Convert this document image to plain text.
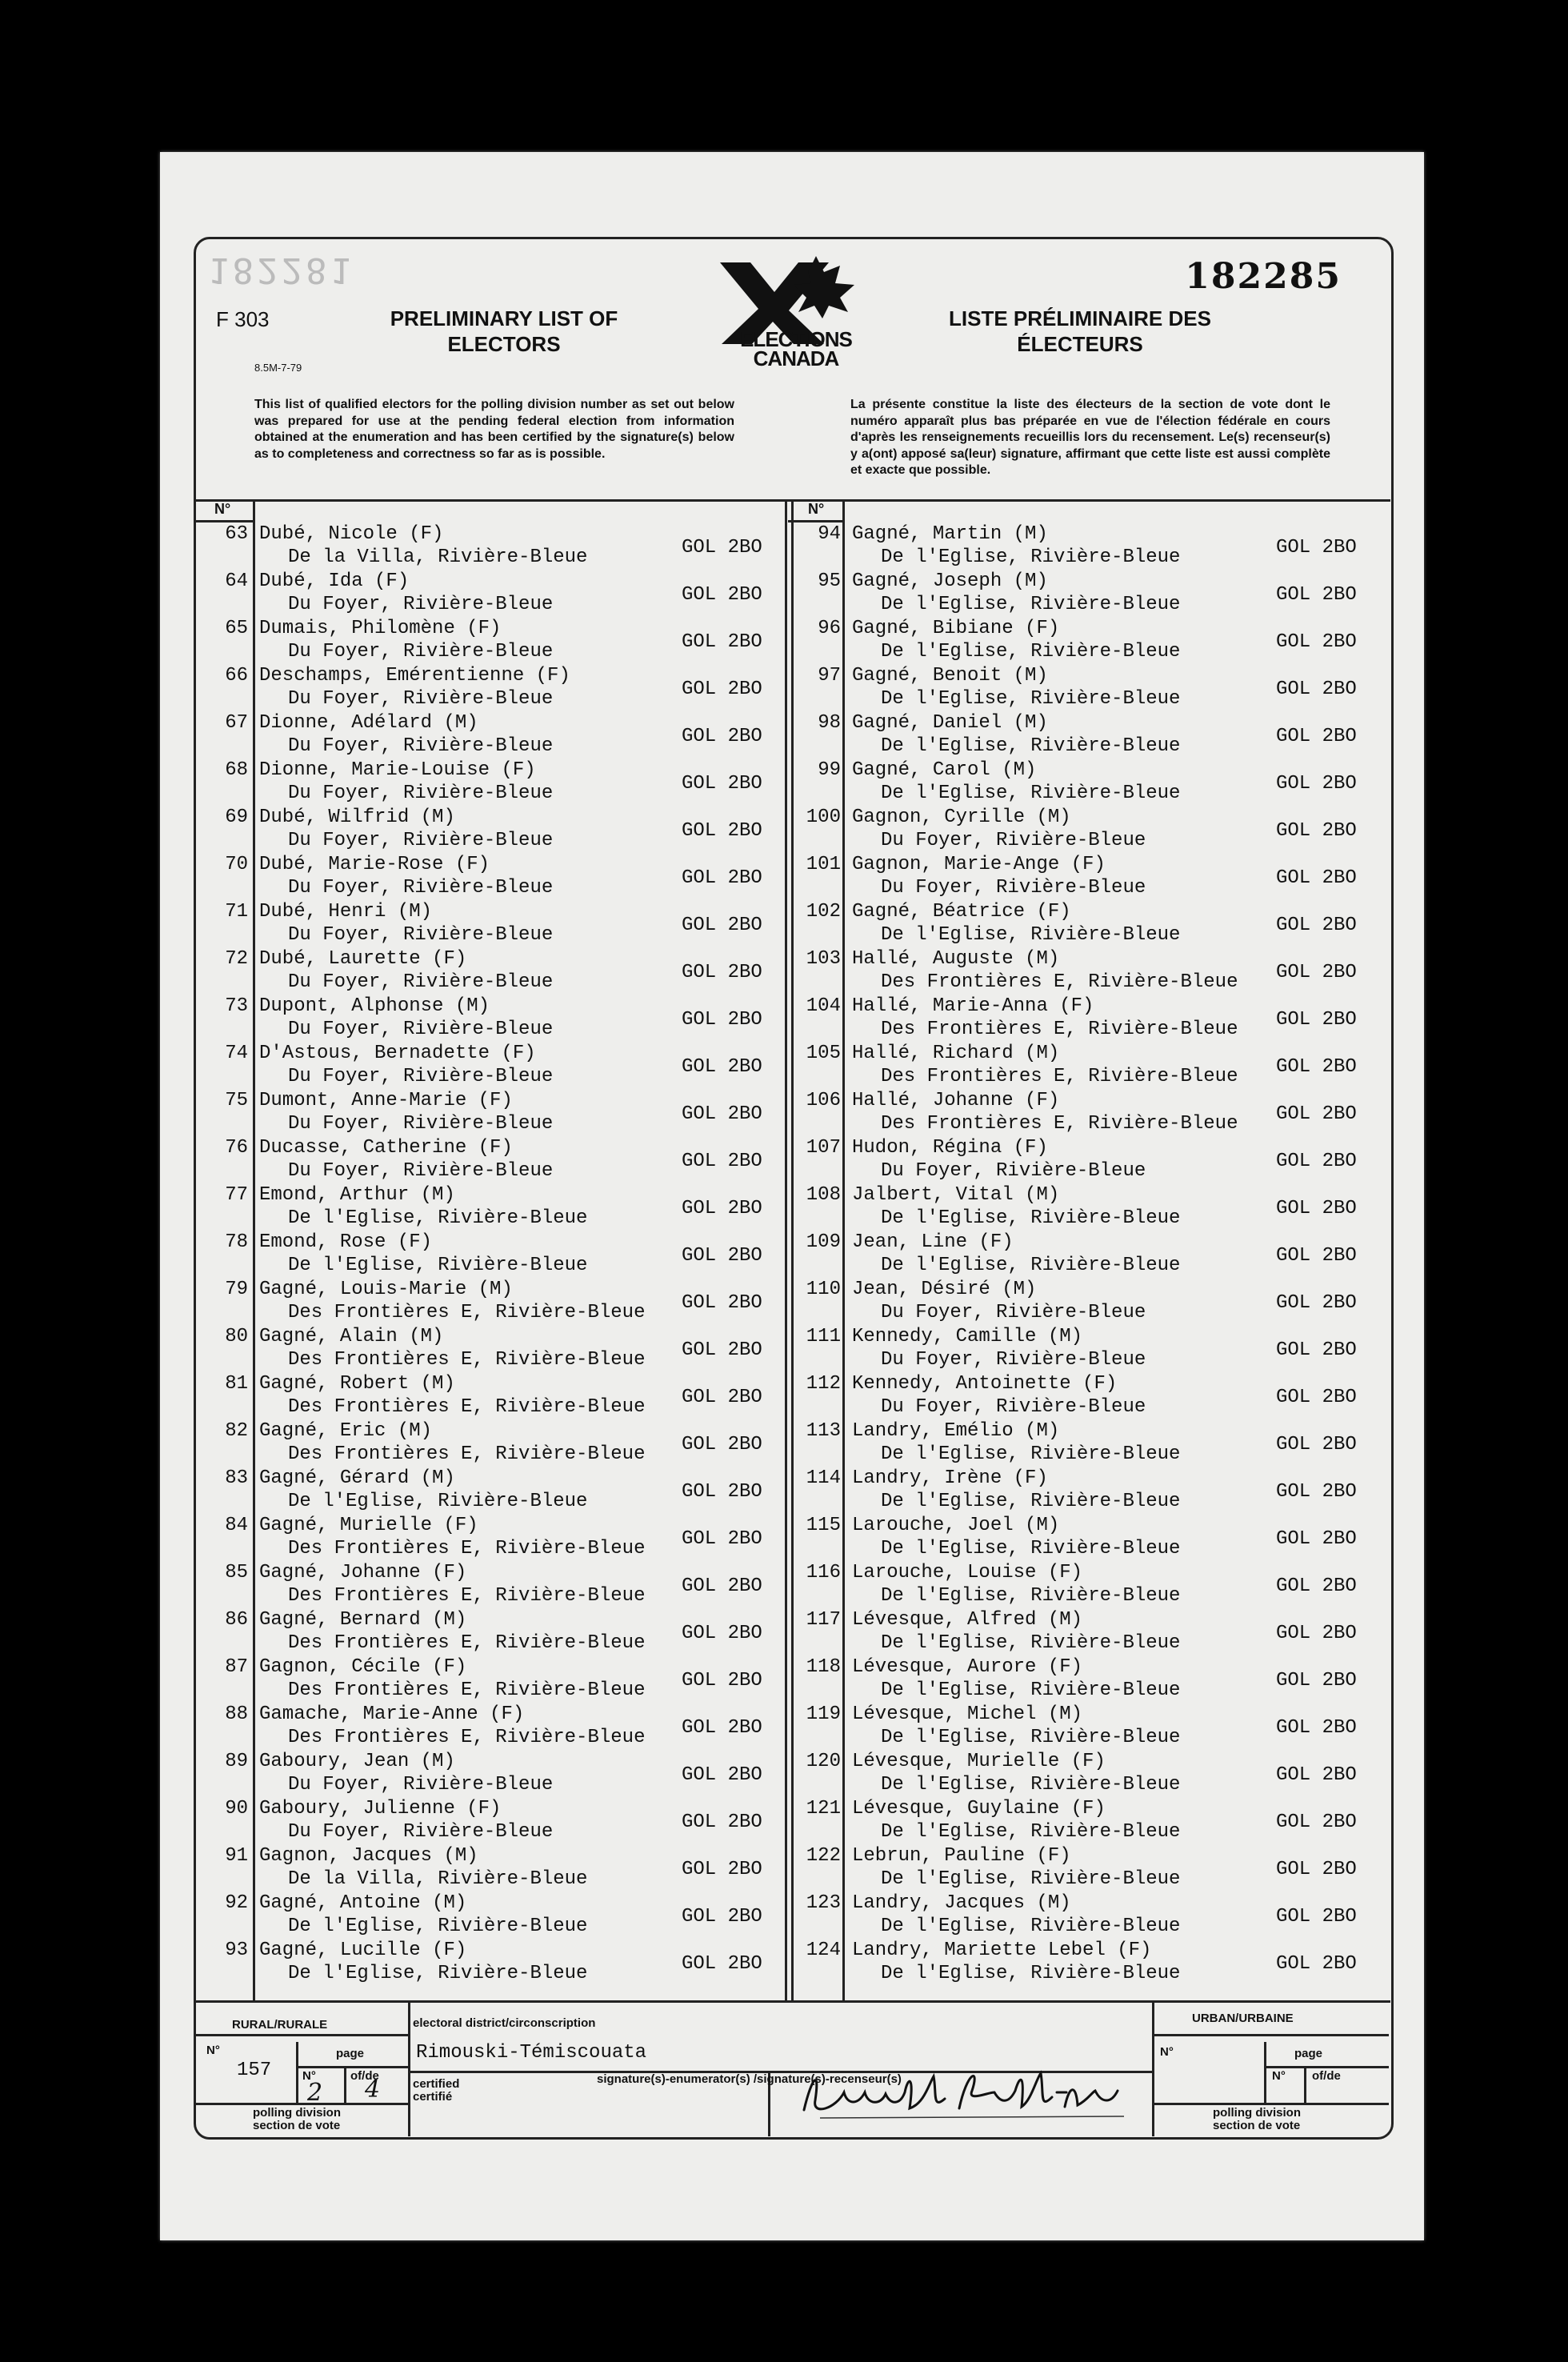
182281	182285
F 303
8.5M-7-79
PRELIMINARY LIST OF
ELECTORS
LISTE PRÉLIMINAIRE DES
ÉLECTEURS
ELECTIONS
CANADA
This list of qualified electors for the polling division number as set out below was prepared for use at the pending federal election from information obtained at the enumeration and has been certified by the signature(s) below as to completeness and correctness so far as is possible.
La présente constitue la liste des électeurs de la section de vote dont le numéro apparaît plus bas préparée en vue de l'élection fédérale en cours d'après les renseignements recueillis lors du recensement. Le(s) recenseur(s) y a(ont) apposé sa(leur) signature, affirmant que cette liste est aussi complète et exacte que possible.
N°	N°
63 Dubé, Nicole (F)
De la Villa, Rivière-Bleue	GOL 2BO
64 Dubé, Ida (F)
Du Foyer, Rivière-Bleue	GOL 2BO
65 Dumais, Philomène (F)
Du Foyer, Rivière-Bleue	GOL 2BO
66 Deschamps, Emérentienne (F)
Du Foyer, Rivière-Bleue	GOL 2BO
67 Dionne, Adélard (M)
Du Foyer, Rivière-Bleue	GOL 2BO
68 Dionne, Marie-Louise (F)
Du Foyer, Rivière-Bleue	GOL 2BO
69 Dubé, Wilfrid (M)
Du Foyer, Rivière-Bleue	GOL 2BO
70 Dubé, Marie-Rose (F)
Du Foyer, Rivière-Bleue	GOL 2BO
71 Dubé, Henri (M)
Du Foyer, Rivière-Bleue	GOL 2BO
72 Dubé, Laurette (F)
Du Foyer, Rivière-Bleue	GOL 2BO
73 Dupont, Alphonse (M)
Du Foyer, Rivière-Bleue	GOL 2BO
74 D'Astous, Bernadette (F)
Du Foyer, Rivière-Bleue	GOL 2BO
75 Dumont, Anne-Marie (F)
Du Foyer, Rivière-Bleue	GOL 2BO
76 Ducasse, Catherine (F)
Du Foyer, Rivière-Bleue	GOL 2BO
77 Emond, Arthur (M)
De l'Eglise, Rivière-Bleue	GOL 2BO
78 Emond, Rose (F)
De l'Eglise, Rivière-Bleue	GOL 2BO
79 Gagné, Louis-Marie (M)
Des Frontières E, Rivière-Bleue GOL 2BO
80 Gagné, Alain (M)
Des Frontières E, Rivière-Bleue GOL 2BO
81 Gagné, Robert (M)
Des Frontières E, Rivière-Bleue GOL 2BO
82 Gagné, Eric (M)
Des Frontières E, Rivière-Bleue GOL 2BO
83 Gagné, Gérard (M)
De l'Eglise, Rivière-Bleue	GOL 2BO
84 Gagné, Murielle (F)
Des Frontières E, Rivière-Bleue GOL 2BO
85 Gagné, Johanne (F)
Des Frontières E, Rivière-Bleue GOL 2BO
86 Gagné, Bernard (M)
Des Frontières E, Rivière-Bleue GOL 2BO
87 Gagnon, Cécile (F)
Des Frontières E, Rivière-Bleue GOL 2BO
88 Gamache, Marie-Anne (F)
Des Frontières E, Rivière-Bleue GOL 2BO
89 Gaboury, Jean (M)
Du Foyer, Rivière-Bleue	GOL 2BO
90 Gaboury, Julienne (F)
Du Foyer, Rivière-Bleue	GOL 2BO
91 Gagnon, Jacques (M)
De la Villa, Rivière-Bleue	GOL 2BO
92 Gagné, Antoine (M)
De l'Eglise, Rivière-Bleue	GOL 2BO
93 Gagné, Lucille (F)
De l'Eglise, Rivière-Bleue	GOL 2BO
94 Gagné, Martin (M)
De l'Eglise, Rivière-Bleue	GOL 2BO
95 Gagné, Joseph (M)
De l'Eglise, Rivière-Bleue	GOL 2BO
96 Gagné, Bibiane (F)
De l'Eglise, Rivière-Bleue	GOL 2BO
97 Gagné, Benoit (M)
De l'Eglise, Rivière-Bleue	GOL 2BO
98 Gagné, Daniel (M)
De l'Eglise, Rivière-Bleue	GOL 2BO
99 Gagné, Carol (M)
De l'Eglise, Rivière-Bleue	GOL 2BO
100 Gagnon, Cyrille (M)
Du Foyer, Rivière-Bleue	GOL 2BO
101 Gagnon, Marie-Ange (F)
Du Foyer, Rivière-Bleue	GOL 2BO
102 Gagné, Béatrice (F)
De l'Eglise, Rivière-Bleue	GOL 2BO
103 Hallé, Auguste (M)
Des Frontières E, Rivière-Bleue GOL 2BO
104 Hallé, Marie-Anna (F)
Des Frontières E, Rivière-Bleue GOL 2BO
105 Hallé, Richard (M)
Des Frontières E, Rivière-Bleue GOL 2BO
106 Hallé, Johanne (F)
Des Frontières E, Rivière-Bleue GOL 2BO
107 Hudon, Régina (F)
Du Foyer, Rivière-Bleue	GOL 2BO
108 Jalbert, Vital (M)
De l'Eglise, Rivière-Bleue	GOL 2BO
109 Jean, Line (F)
De l'Eglise, Rivière-Bleue	GOL 2BO
110 Jean, Désiré (M)
Du Foyer, Rivière-Bleue	GOL 2BO
111 Kennedy, Camille (M)
Du Foyer, Rivière-Bleue	GOL 2BO
112 Kennedy, Antoinette (F)
Du Foyer, Rivière-Bleue	GOL 2BO
113 Landry, Emélio (M)
De l'Eglise, Rivière-Bleue	GOL 2BO
114 Landry, Irène (F)
De l'Eglise, Rivière-Bleue	GOL 2BO
115 Larouche, Joel (M)
De l'Eglise, Rivière-Bleue	GOL 2BO
116 Larouche, Louise (F)
De l'Eglise, Rivière-Bleue	GOL 2BO
117 Lévesque, Alfred (M)
De l'Eglise, Rivière-Bleue	GOL 2BO
118 Lévesque, Aurore (F)
De l'Eglise, Rivière-Bleue	GOL 2BO
119 Lévesque, Michel (M)
De l'Eglise, Rivière-Bleue	GOL 2BO
120 Lévesque, Murielle (F)
De l'Eglise, Rivière-Bleue	GOL 2BO
121 Lévesque, Guylaine (F)
De l'Eglise, Rivière-Bleue	GOL 2BO
122 Lebrun, Pauline (F)
De l'Eglise, Rivière-Bleue	GOL 2BO
123 Landry, Jacques (M)
De l'Eglise, Rivière-Bleue	GOL 2BO
124 Landry, Mariette Lebel (F)
De l'Eglise, Rivière-Bleue	GOL 2BO
RURAL/RURALE	URBAN/URBAINE
N°	page
N°	of/de
polling division
section de vote
157
2 4
electoral district/circonscription
Rimouski-Témiscouata
certified
certifié
signature(s)-enumerator(s) /signature(s)-recenseur(s)
N°	page
N° of/de
polling division
section de vote
